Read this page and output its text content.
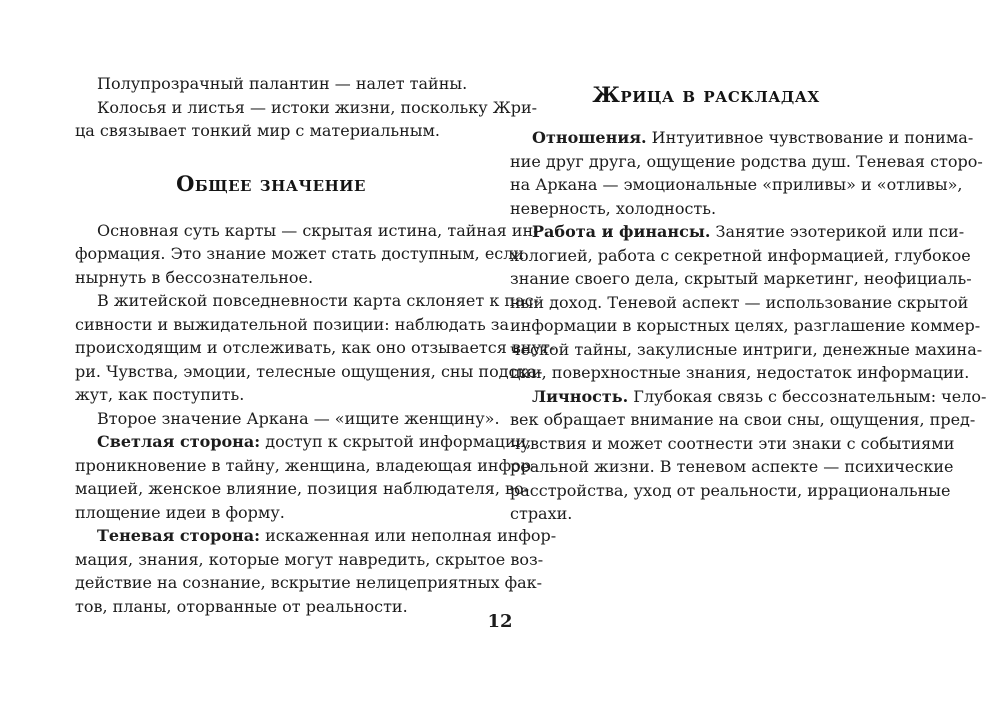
Полупрозрачный палантин — налет тайны.
Колосья и листья — истоки жизни, поскольку Жри-
ца связывает тонкий мир с материальным.
Общее значение
Основная суть карты — скрытая истина, тайная ин-
формация. Это знание может стать доступным, если
нырнуть в бессознательное.
В житейской повседневности карта склоняет к пас-
сивности и выжидательной позиции: наблюдать за
происходящим и отслеживать, как оно отзывается внут-
ри. Чувства, эмоции, телесные ощущения, сны подска-
жут, как поступить.
Второе значение Аркана — «ищите женщину».
Светлая сторона: доступ к скрытой информации,
проникновение в тайну, женщина, владеющая инфор-
мацией, женское влияние, позиция наблюдателя, во-
площение идеи в форму.
Теневая сторона: искаженная или неполная инфор-
мация, знания, которые могут навредить, скрытое воз-
действие на сознание, вскрытие нелицеприятных фак-
тов, планы, оторванные от реальности.
Жрица в раскладах
Отношения. Интуитивное чувствование и понима-
ние друг друга, ощущение родства душ. Теневая сторо-
на Аркана — эмоциональные «приливы» и «отливы»,
неверность, холодность.
Работа и финансы. Занятие эзотерикой или пси-
хологией, работа с секретной информацией, глубокое
знание своего дела, скрытый маркетинг, неофициаль-
ный доход. Теневой аспект — использование скрытой
информации в корыстных целях, разглашение коммер-
ческой тайны, закулисные интриги, денежные махина-
ции, поверхностные знания, недостаток информации.
Личность. Глубокая связь с бессознательным: чело-
век обращает внимание на свои сны, ощущения, пред-
чувствия и может соотнести эти знаки с событиями
реальной жизни. В теневом аспекте — психические
расстройства, уход от реальности, иррациональные
страхи.
12
